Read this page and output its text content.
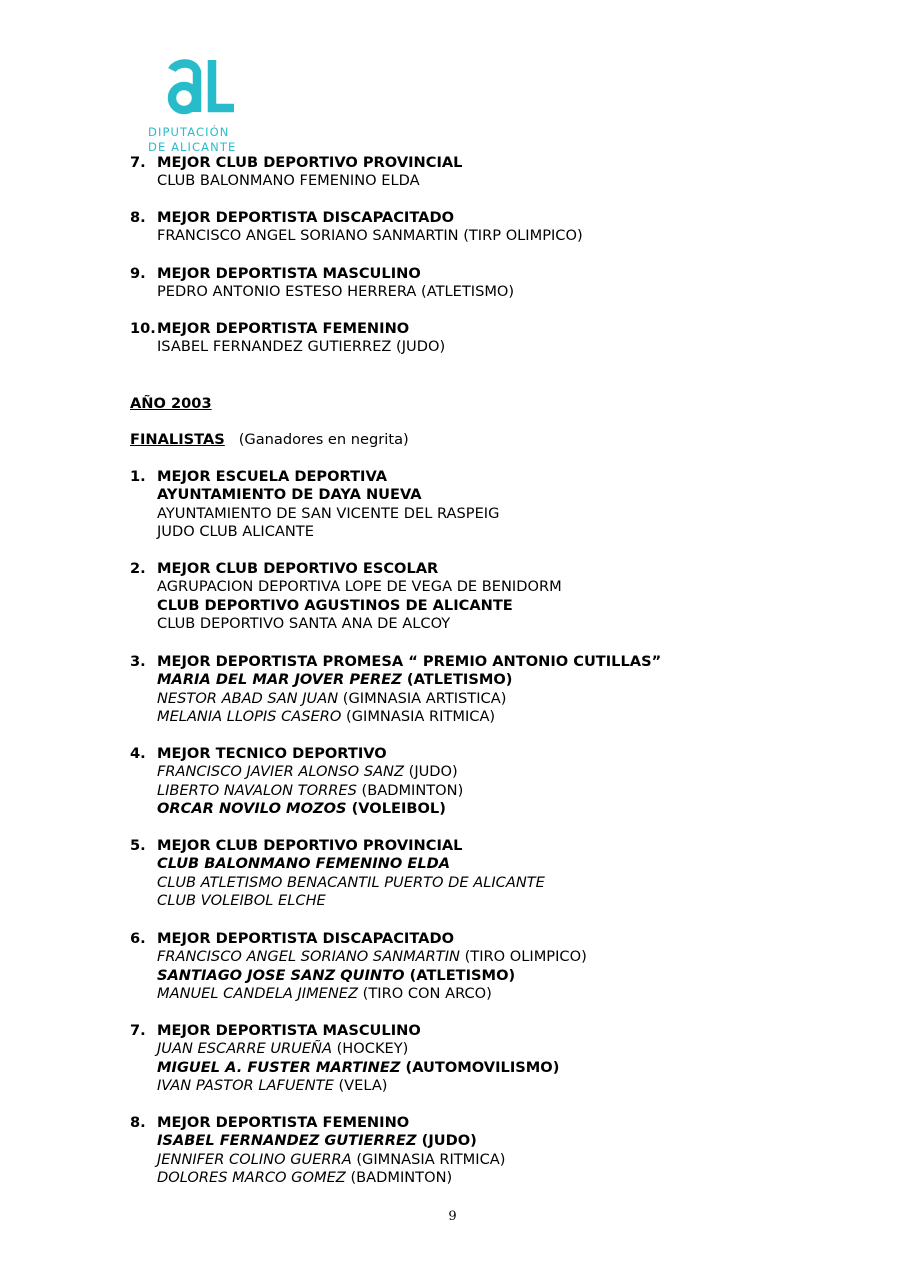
DIPUTACIÓN
DE ALICANTE
7. MEJOR CLUB DEPORTIVO PROVINCIAL
CLUB BALONMANO FEMENINO ELDA
8. MEJOR DEPORTISTA DISCAPACITADO
FRANCISCO ANGEL SORIANO SANMARTIN (TIRP OLIMPICO)
9. MEJOR DEPORTISTA MASCULINO
PEDRO ANTONIO ESTESO HERRERA (ATLETISMO)
10. MEJOR DEPORTISTA FEMENINO
ISABEL FERNANDEZ GUTIERREZ (JUDO)
AÑO 2003
FINALISTAS (Ganadores en negrita)
1. MEJOR ESCUELA DEPORTIVA
AYUNTAMIENTO DE DAYA NUEVA
AYUNTAMIENTO DE SAN VICENTE DEL RASPEIG
JUDO CLUB ALICANTE
2. MEJOR CLUB DEPORTIVO ESCOLAR
AGRUPACION DEPORTIVA LOPE DE VEGA DE BENIDORM
CLUB DEPORTIVO AGUSTINOS DE ALICANTE
CLUB DEPORTIVO SANTA ANA DE ALCOY
3. MEJOR DEPORTISTA PROMESA “ PREMIO ANTONIO CUTILLAS”
MARIA DEL MAR JOVER PEREZ (ATLETISMO)
NESTOR ABAD SAN JUAN (GIMNASIA ARTISTICA)
MELANIA LLOPIS CASERO (GIMNASIA RITMICA)
4. MEJOR TECNICO DEPORTIVO
FRANCISCO JAVIER ALONSO SANZ (JUDO)
LIBERTO NAVALON TORRES (BADMINTON)
ORCAR NOVILO MOZOS (VOLEIBOL)
5. MEJOR CLUB DEPORTIVO PROVINCIAL
CLUB BALONMANO FEMENINO ELDA
CLUB ATLETISMO BENACANTIL PUERTO DE ALICANTE
CLUB VOLEIBOL ELCHE
6. MEJOR DEPORTISTA DISCAPACITADO
FRANCISCO ANGEL SORIANO SANMARTIN (TIRO OLIMPICO)
SANTIAGO JOSE SANZ QUINTO (ATLETISMO)
MANUEL CANDELA JIMENEZ (TIRO CON ARCO)
7. MEJOR DEPORTISTA MASCULINO
JUAN ESCARRE URUEÑA (HOCKEY)
MIGUEL A. FUSTER MARTINEZ (AUTOMOVILISMO)
IVAN PASTOR LAFUENTE (VELA)
8. MEJOR DEPORTISTA FEMENINO
ISABEL FERNANDEZ GUTIERREZ (JUDO)
JENNIFER COLINO GUERRA (GIMNASIA RITMICA)
DOLORES MARCO GOMEZ (BADMINTON)
9
